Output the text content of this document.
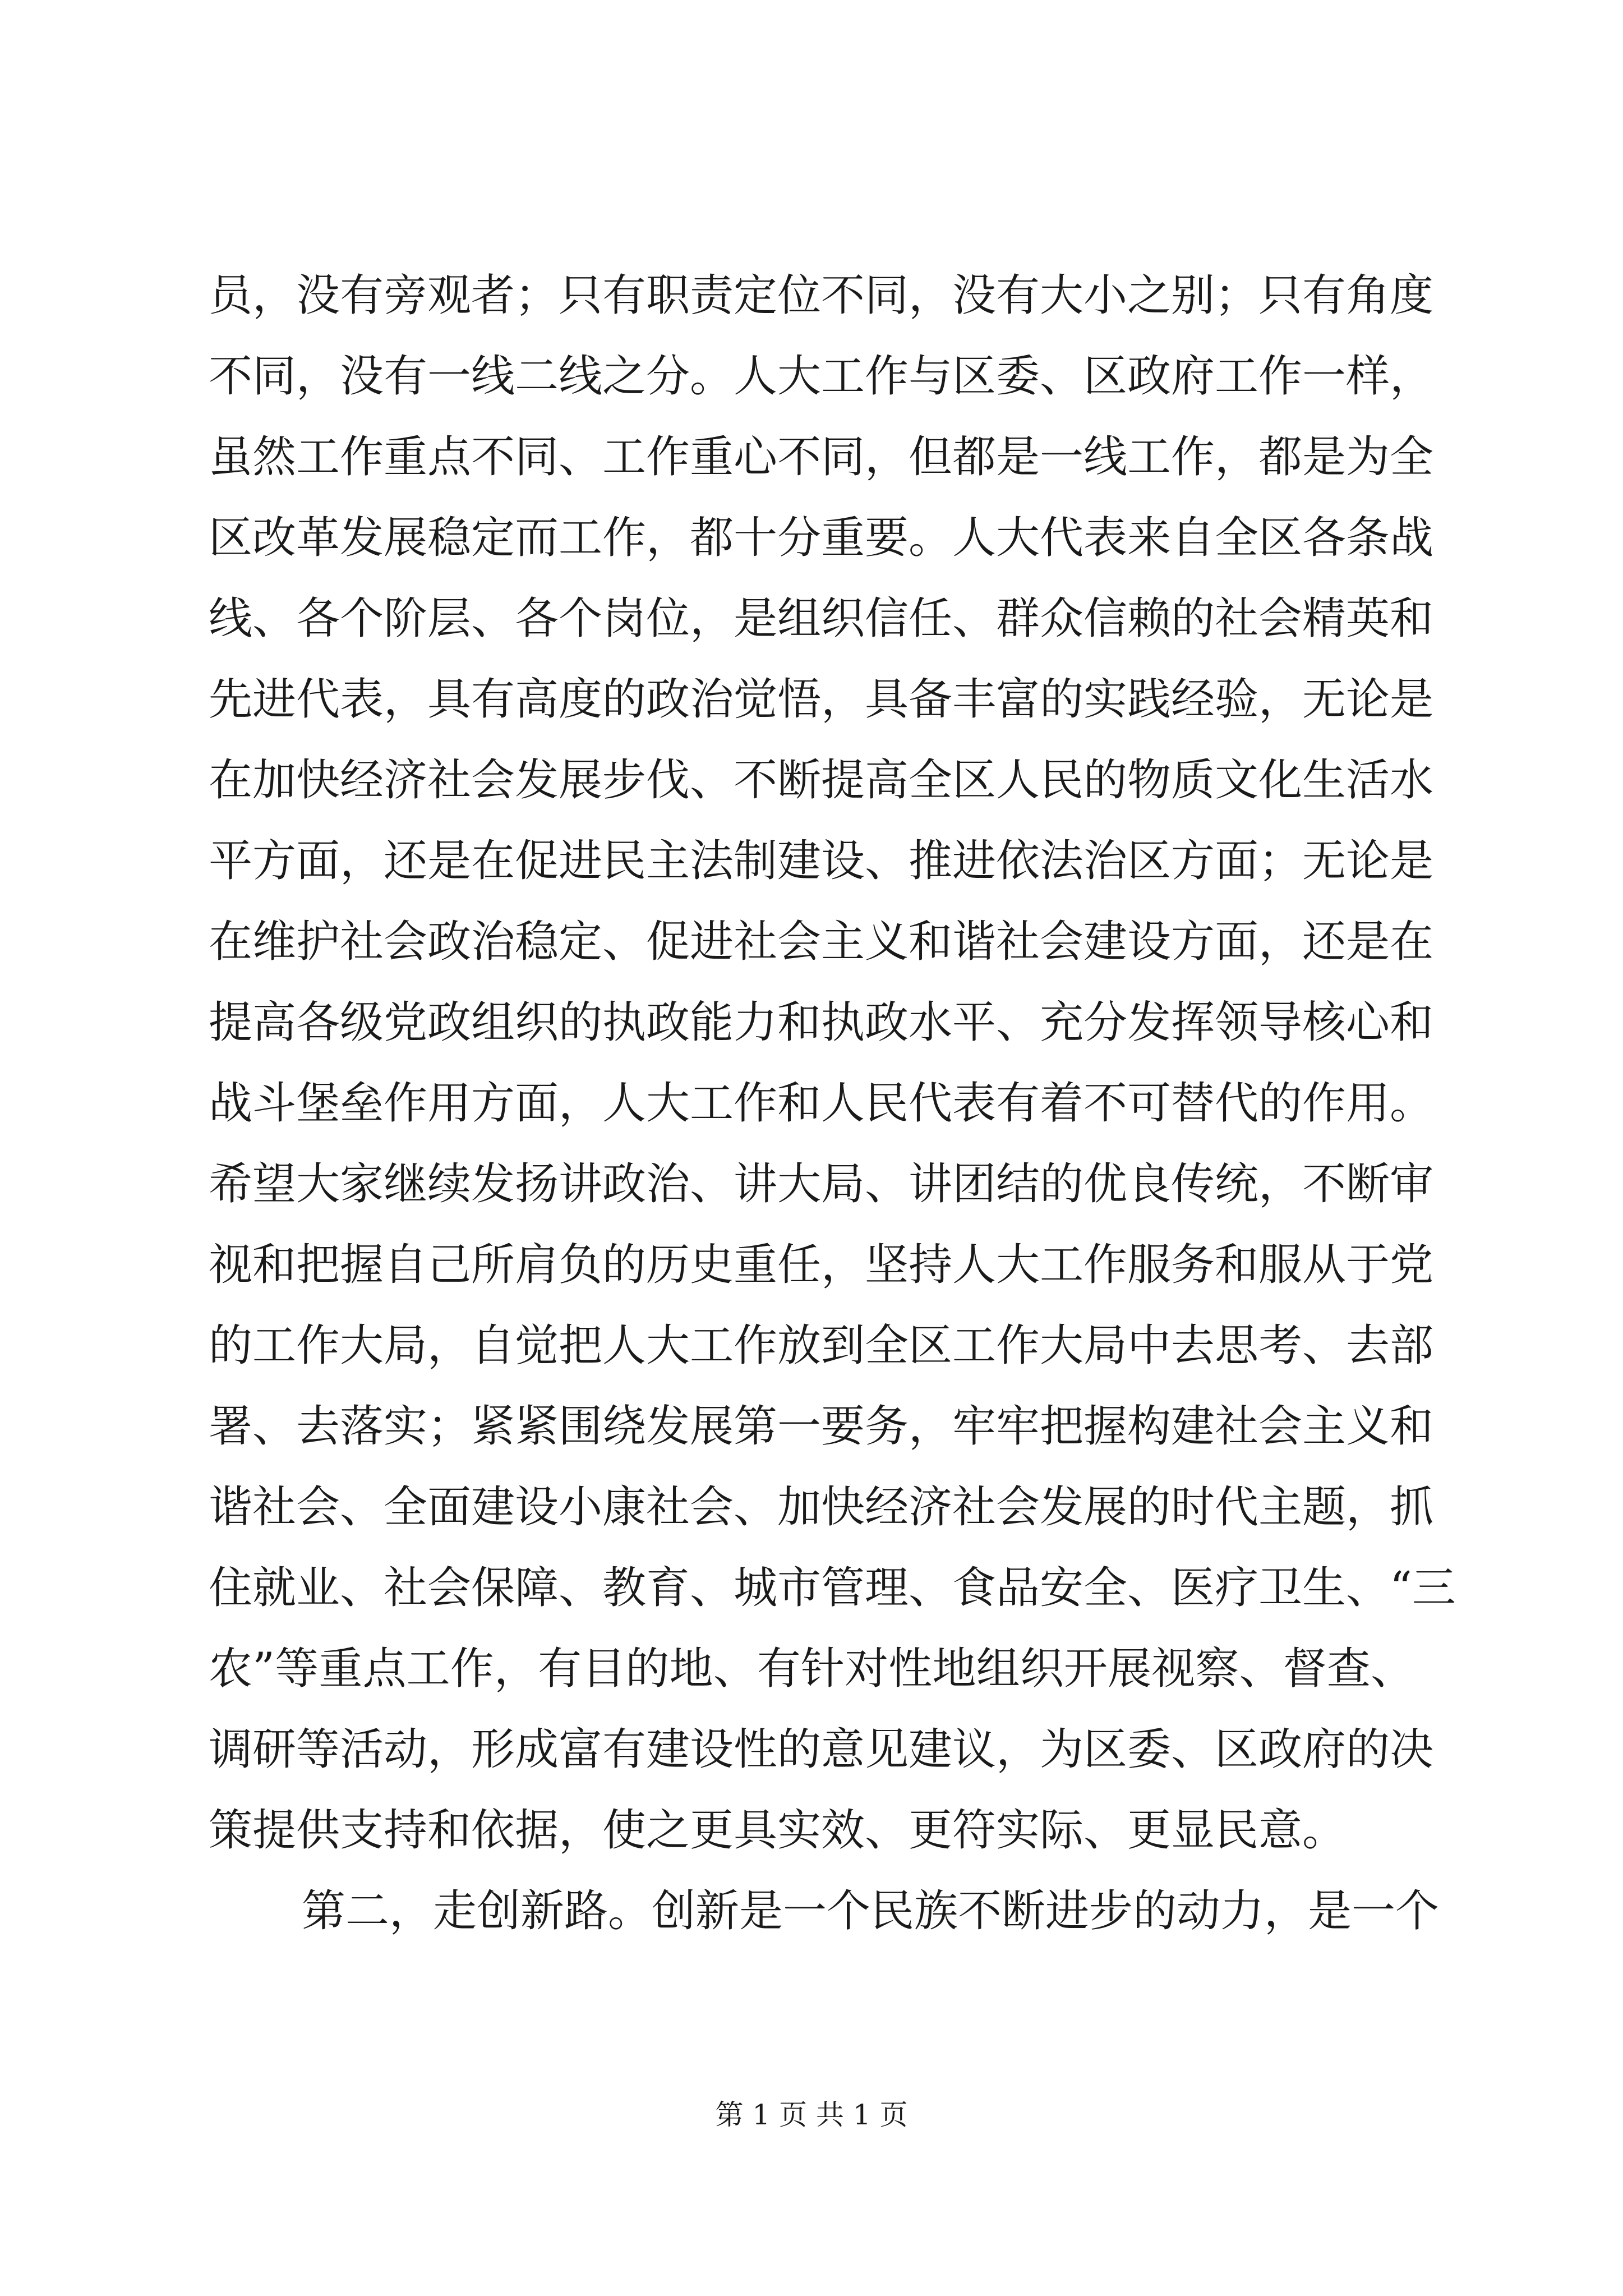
员，没有旁观者；只有职责定位不同，没有大小之别；只有角度
不同，没有一线二线之分。人大工作与区委、区政府工作一样，
虽然工作重点不同、工作重心不同，但都是一线工作，都是为全
区改革发展稳定而工作，都十分重要。人大代表来自全区各条战
线、各个阶层、各个岗位，是组织信任、群众信赖的社会精英和
先进代表，具有高度的政治觉悟，具备丰富的实践经验，无论是
在加快经济社会发展步伐、不断提高全区人民的物质文化生活水
平方面，还是在促进民主法制建设、推进依法治区方面；无论是
在维护社会政治稳定、促进社会主义和谐社会建设方面，还是在
提高各级党政组织的执政能力和执政水平、充分发挥领导核心和
战斗堡垒作用方面，人大工作和人民代表有着不可替代的作用。
希望大家继续发扬讲政治、讲大局、讲团结的优良传统，不断审
视和把握自己所肩负的历史重任，坚持人大工作服务和服从于党
的工作大局，自觉把人大工作放到全区工作大局中去思考、去部
署、去落实；紧紧围绕发展第一要务，牢牢把握构建社会主义和
谐社会、全面建设小康社会、加快经济社会发展的时代主题，抓
住就业、社会保障、教育、城市管理、食品安全、医疗卫生、“三
农”等重点工作，有目的地、有针对性地组织开展视察、督查、
调研等活动，形成富有建设性的意见建议，为区委、区政府的决
策提供支持和依据，使之更具实效、更符实际、更显民意。
第二，走创新路。创新是一个民族不断进步的动力，是一个
第 1 页 共 1 页
